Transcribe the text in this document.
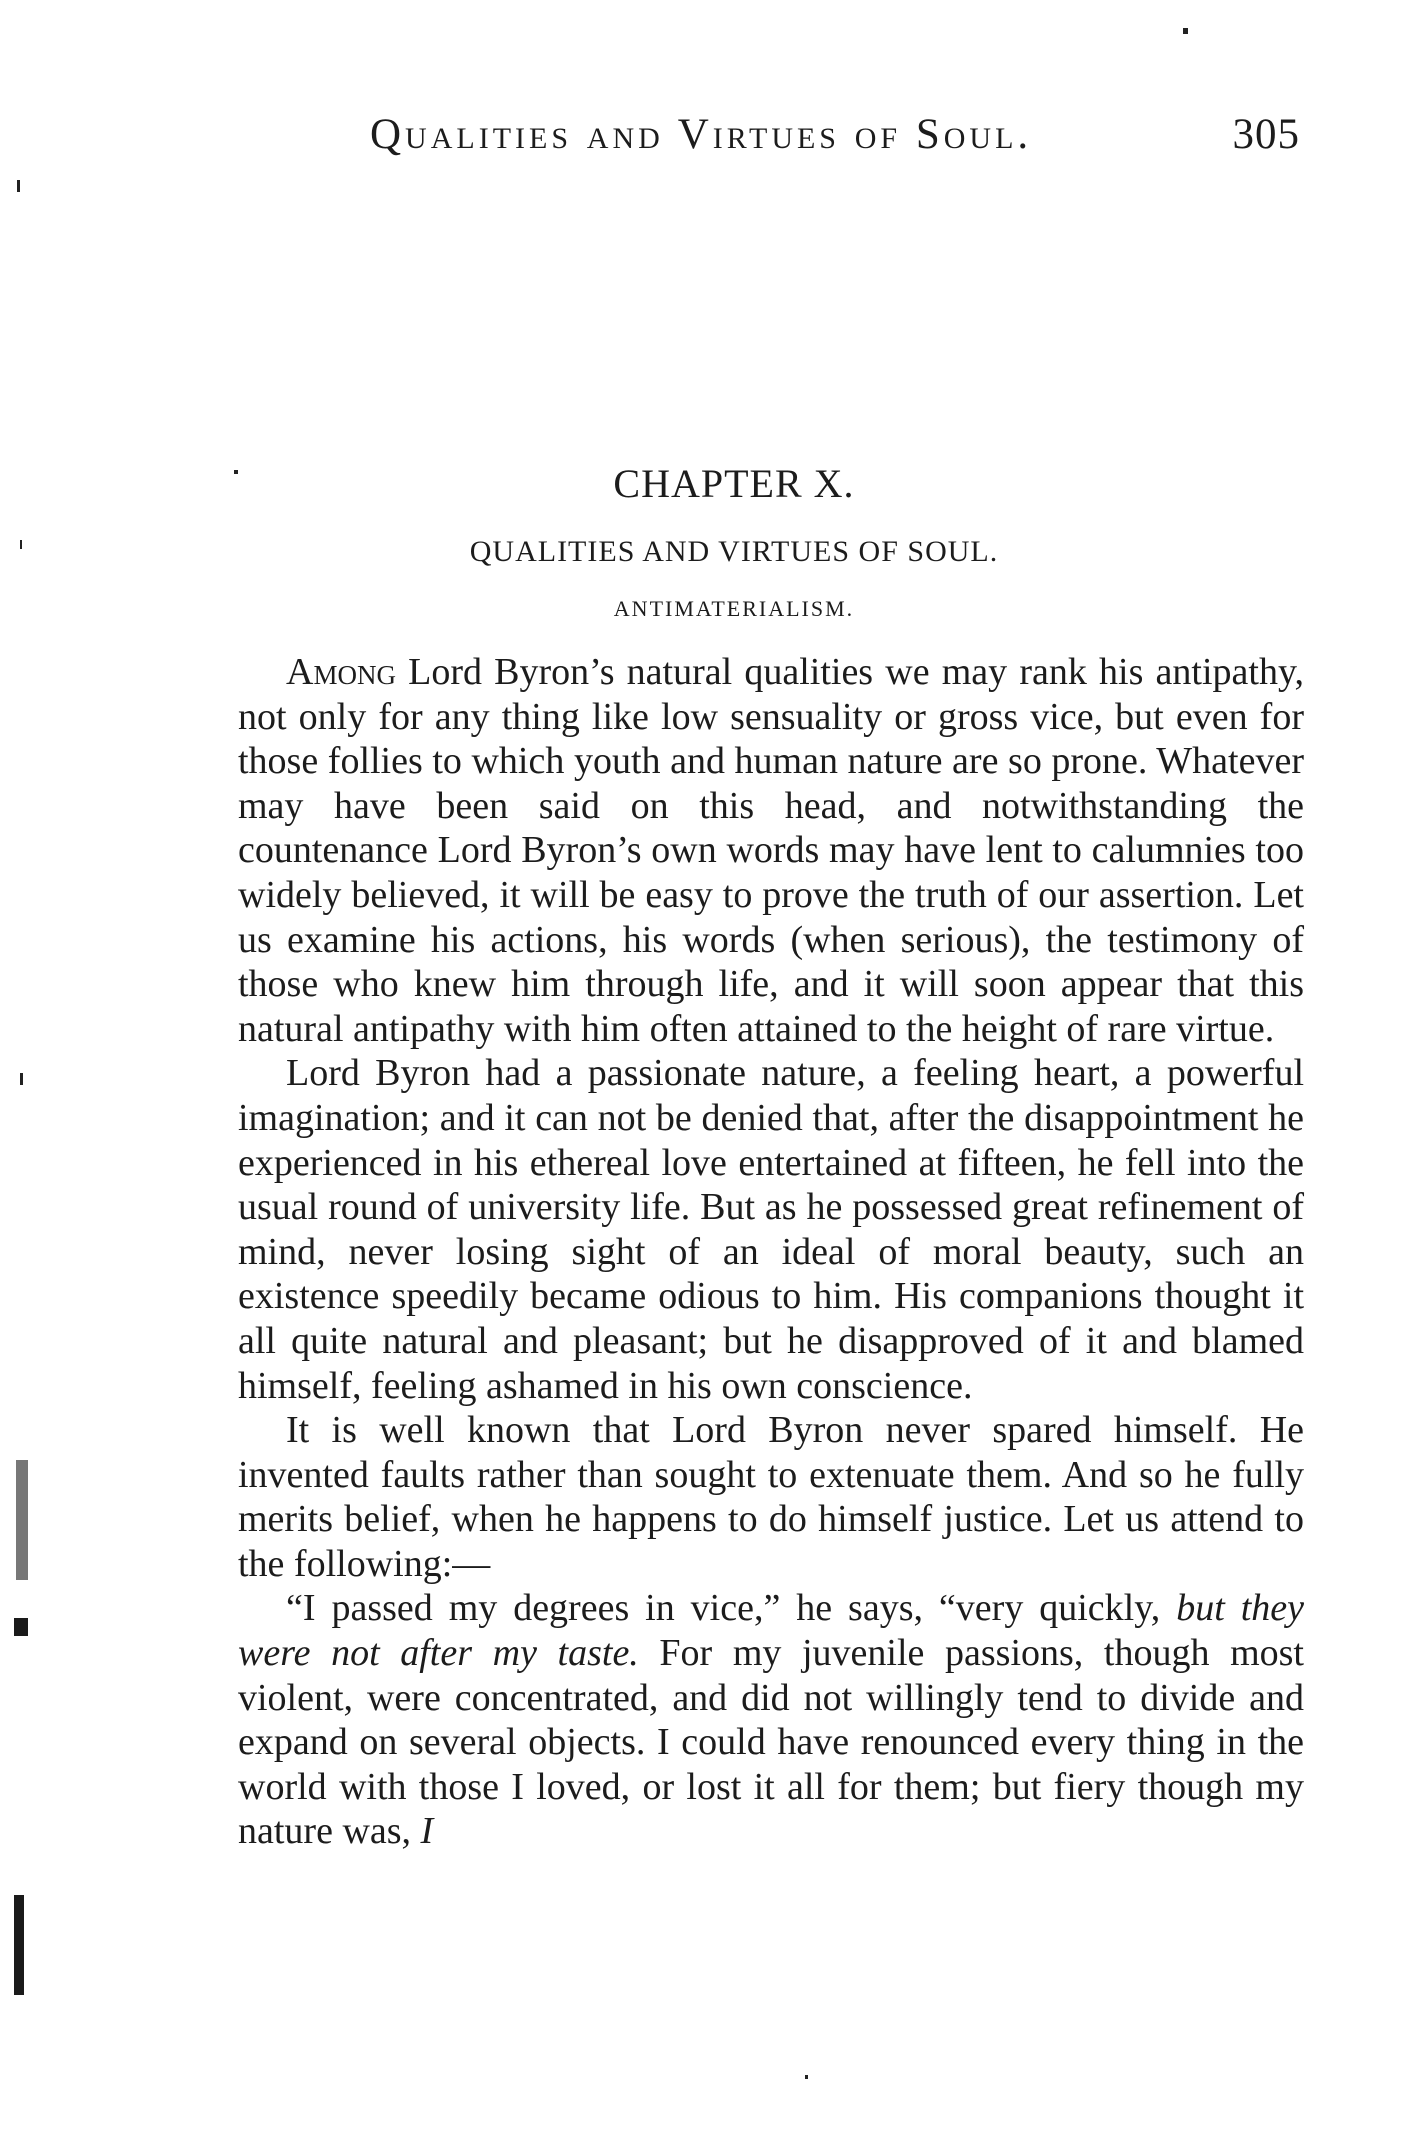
Qualities and Virtues of Soul.	305
CHAPTER X.
QUALITIES AND VIRTUES OF SOUL.
ANTIMATERIALISM.

Among Lord Byron’s natural qualities we may rank his antipathy, not only for any thing like low sensuality or gross vice, but even for those follies to which youth and human nature are so prone. Whatever may have been said on this head, and notwithstanding the countenance Lord Byron’s own words may have lent to calumnies too widely believed, it will be easy to prove the truth of our assertion. Let us examine his actions, his words (when serious), the testimony of those who knew him through life, and it will soon appear that this natural antipathy with him often attained to the height of rare virtue.

Lord Byron had a passionate nature, a feeling heart, a powerful imagination; and it can not be denied that, after the disappointment he experienced in his ethereal love entertained at fifteen, he fell into the usual round of university life. But as he possessed great refinement of mind, never losing sight of an ideal of moral beauty, such an existence speedily became odious to him. His companions thought it all quite natural and pleasant; but he disapproved of it and blamed himself, feeling ashamed in his own conscience.

It is well known that Lord Byron never spared himself. He invented faults rather than sought to extenuate them. And so he fully merits belief, when he happens to do himself justice. Let us attend to the following:—

“I passed my degrees in vice,” he says, “very quickly, but they were not after my taste. For my juvenile passions, though most violent, were concentrated, and did not willingly tend to divide and expand on several objects. I could have renounced every thing in the world with those I loved, or lost it all for them; but fiery though my nature was, I
